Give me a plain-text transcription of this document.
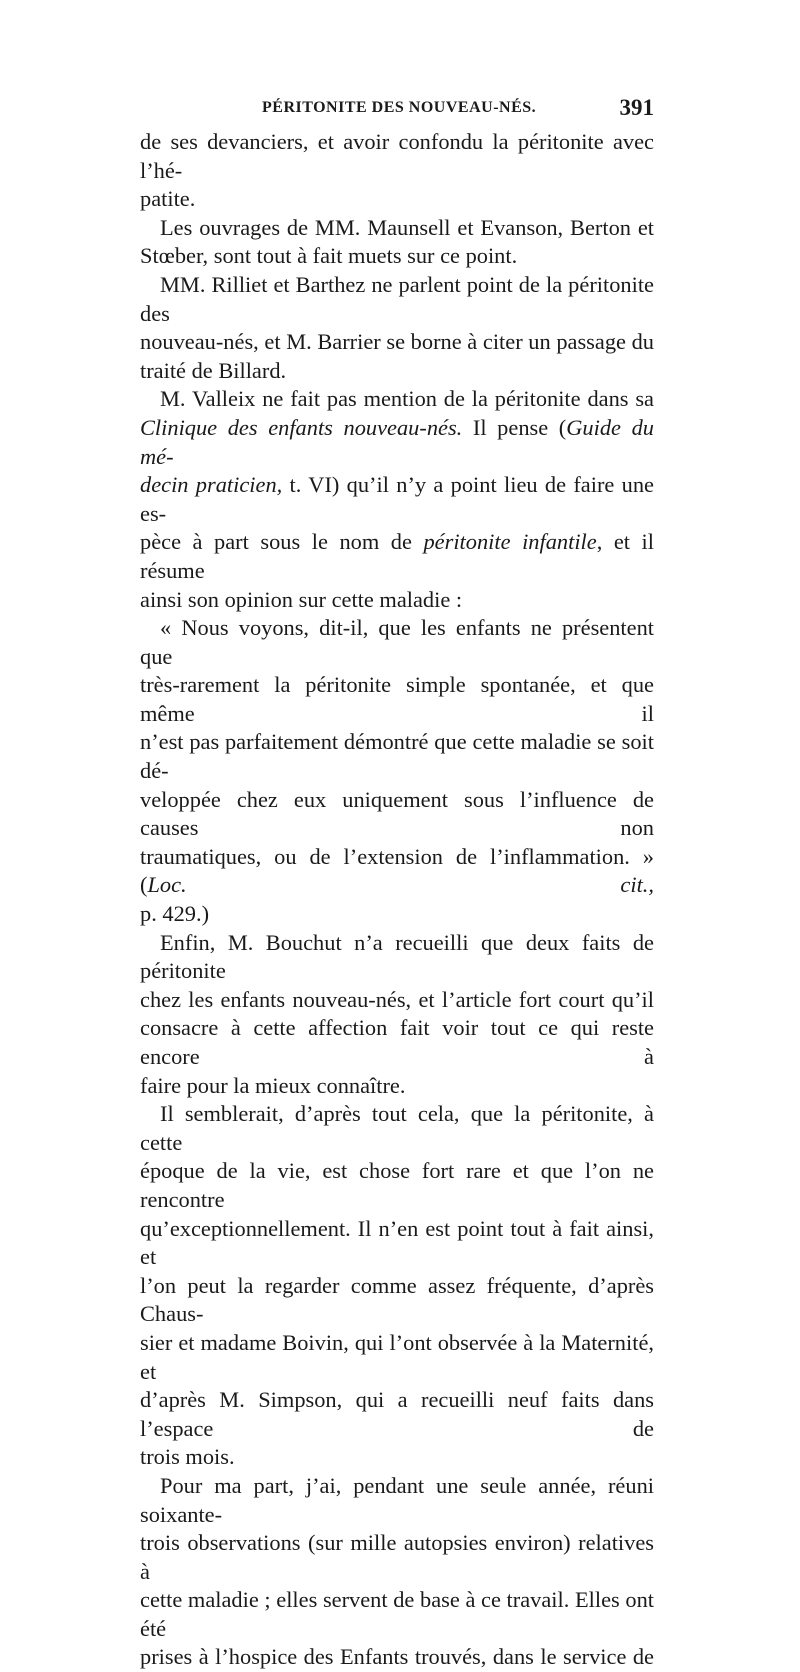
PÉRITONITE DES NOUVEAU-NÉS.	391

de ses devanciers, et avoir confondu la péritonite avec l’hé-

patite.

Les ouvrages de MM. Maunsell et Evanson, Berton et

Stœber, sont tout à fait muets sur ce point.

MM. Rilliet et Barthez ne parlent point de la péritonite des

nouveau-nés, et M. Barrier se borne à citer un passage du

traité de Billard.

M. Valleix ne fait pas mention de la péritonite dans sa

Clinique des enfants nouveau-nés. Il pense (Guide du mé-

decin praticien, t. VI) qu’il n’y a point lieu de faire une es-

pèce à part sous le nom de péritonite infantile, et il résume

ainsi son opinion sur cette maladie :

« Nous voyons, dit-il, que les enfants ne présentent que

très-rarement la péritonite simple spontanée, et que même il

n’est pas parfaitement démontré que cette maladie se soit dé-

veloppée chez eux uniquement sous l’influence de causes non

traumatiques, ou de l’extension de l’inflammation. » (Loc. cit.,

p. 429.)

Enfin, M. Bouchut n’a recueilli que deux faits de péritonite

chez les enfants nouveau-nés, et l’article fort court qu’il

consacre à cette affection fait voir tout ce qui reste encore à

faire pour la mieux connaître.

Il semblerait, d’après tout cela, que la péritonite, à cette

époque de la vie, est chose fort rare et que l’on ne rencontre

qu’exceptionnellement. Il n’en est point tout à fait ainsi, et

l’on peut la regarder comme assez fréquente, d’après Chaus-

sier et madame Boivin, qui l’ont observée à la Maternité, et

d’après M. Simpson, qui a recueilli neuf faits dans l’espace de

trois mois.

Pour ma part, j’ai, pendant une seule année, réuni soixante-

trois observations (sur mille autopsies environ) relatives à

cette maladie ; elles servent de base à ce travail. Elles ont été

prises à l’hospice des Enfants trouvés, dans le service de
